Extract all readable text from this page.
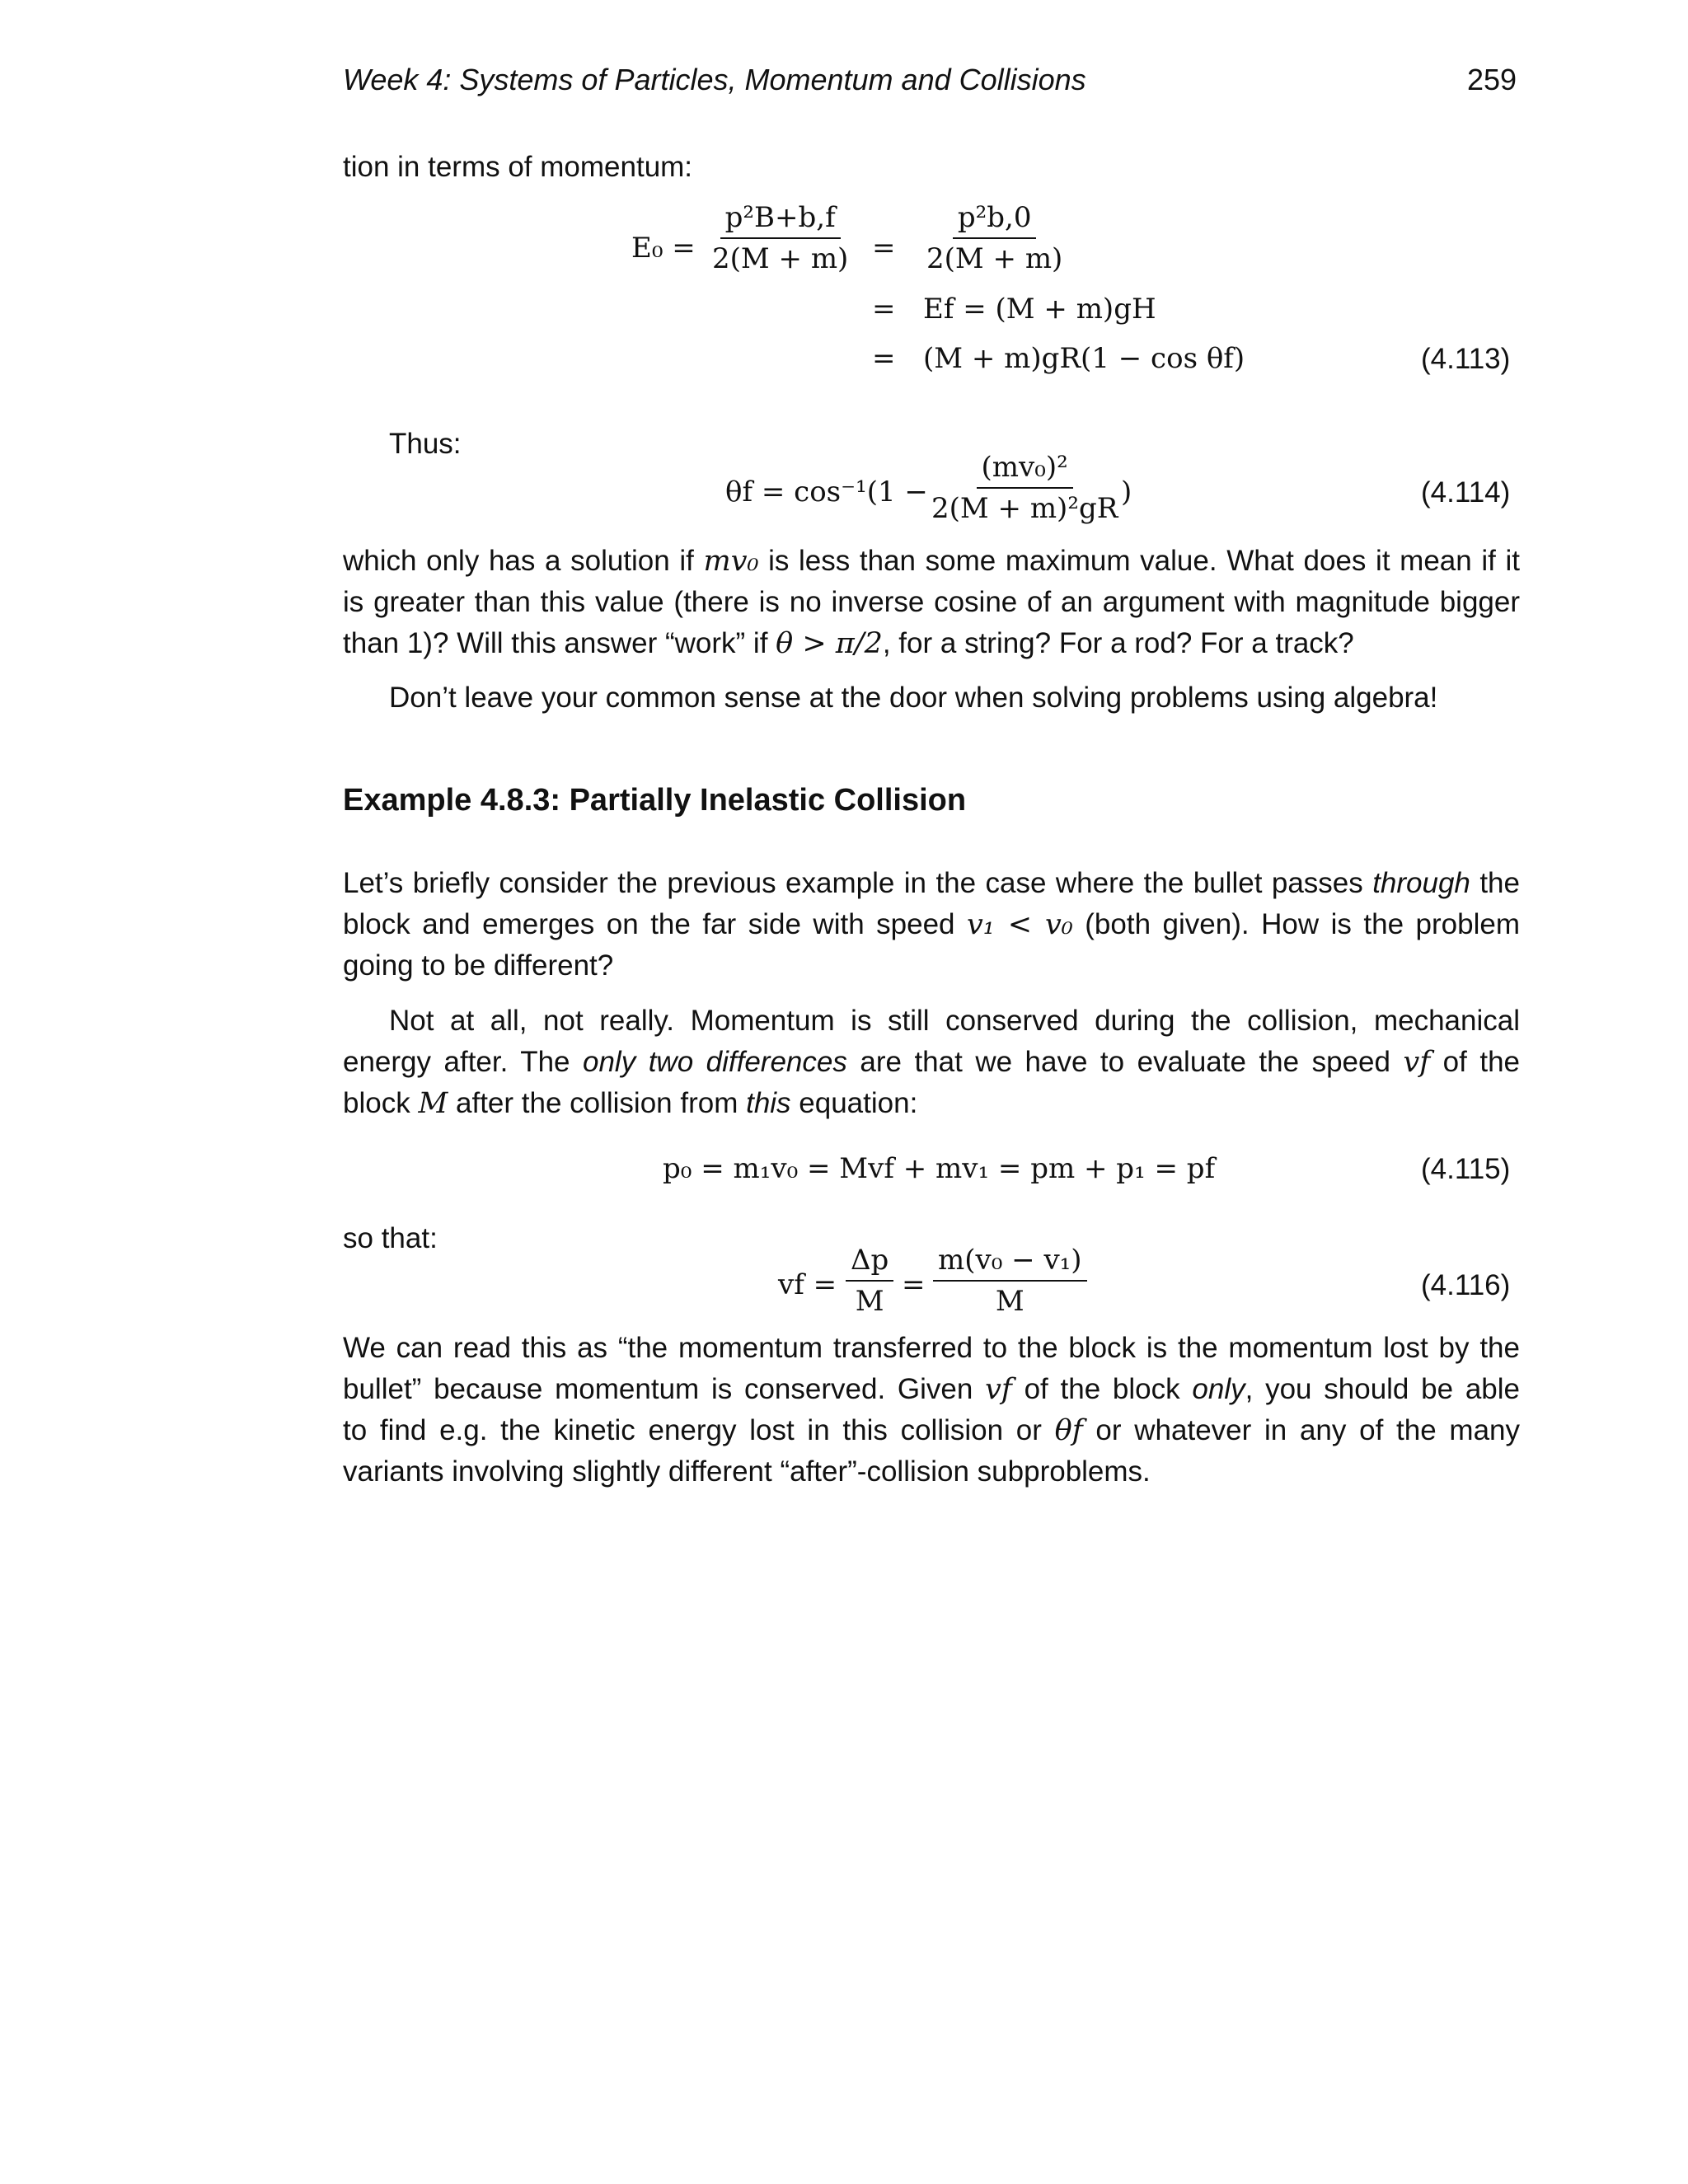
Week 4: Systems of Particles, Momentum and Collisions	259
tion in terms of momentum:
$E_0 = \frac{\text{p²B+b,f}}{2(M + m)} = \frac{\text{p²b,0}}{2(M + m)}$
= Ef = (M + m)gH
= (M + m)gR(1 − cos θf)	(4.113)
Thus:
θf = cos⁻¹(1 −
$\frac{\text{(mv₀)²}}{\text{2(M + m)²gR}}$
)	(4.114)
which only has a solution if mv₀ is less than some maximum value. What does it mean if it
is greater than this value (there is no inverse cosine of an argument with magnitude bigger
than 1)? Will this answer “work” if θ > π/2, for a string? For a rod? For a track?
Don’t leave your common sense at the door when solving problems using algebra!
Example 4.8.3: Partially Inelastic Collision
Let’s briefly consider the previous example in the case where the bullet passes through the
block and emerges on the far side with speed v₁ < v₀ (both given). How is the problem
going to be different?
Not at all, not really. Momentum is still conserved during the collision, mechanical
energy after. The only two differences are that we have to evaluate the speed vf of the
block M after the collision from this equation:
p₀ = m₁v₀ = Mvf + mv₁ = pm + p₁ = pf	(4.115)
so that:
vf = $\frac{\Delta p}{M} = \frac{\text{m(v₀ − v₁)}}{M}$	(4.116)
We can read this as “the momentum transferred to the block is the momentum lost by the
bullet” because momentum is conserved. Given vf of the block only, you should be able
to find e.g. the kinetic energy lost in this collision or θf or whatever in any of the many
variants involving slightly different “after”-collision subproblems.
